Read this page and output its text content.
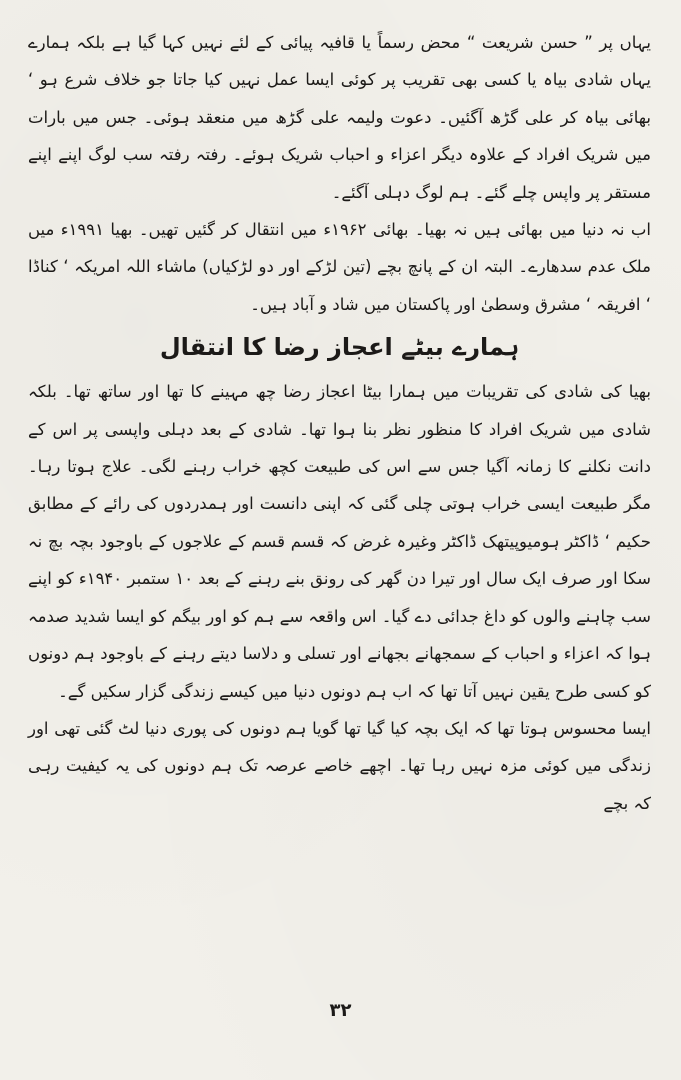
یہاں پر ” حسن شریعت “ محض رسماً یا قافیہ پیائی کے لئے نہیں کہا گیا ہے بلکہ ہمارے یہاں شادی بیاہ یا کسی بھی تقریب پر کوئی ایسا عمل نہیں کیا جاتا جو خلاف شرع ہو ‘ بھائی بیاہ کر علی گڑھ آگئیں۔ دعوت ولیمہ علی گڑھ میں منعقد ہوئی۔ جس میں بارات میں شریک افراد کے علاوہ دیگر اعزاء و احباب شریک ہوئے۔ رفتہ رفتہ سب لوگ اپنے اپنے مستقر پر واپس چلے گئے۔ ہم لوگ دہلی آگئے۔

اب نہ دنیا میں بھائی ہیں نہ بھیا۔ بھائی ۱۹۶۲ء میں انتقال کر گئیں تھیں۔ بھیا ۱۹۹۱ء میں ملک عدم سدھارے۔ البتہ ان کے پانچ بچے (تین لڑکے اور دو لڑکیاں) ماشاء اللہ امریکہ ‘ کناڈا ‘ افریقہ ‘ مشرق وسطیٰ اور پاکستان میں شاد و آباد ہیں۔

ہمارے بیٹے اعجاز رضا کا انتقال

بھیا کی شادی کی تقریبات میں ہمارا بیٹا اعجاز رضا چھ مہینے کا تھا اور ساتھ تھا۔ بلکہ شادی میں شریک افراد کا منظور نظر بنا ہوا تھا۔ شادی کے بعد دہلی واپسی پر اس کے دانت نکلنے کا زمانہ آگیا جس سے اس کی طبیعت کچھ خراب رہنے لگی۔ علاج ہوتا رہا۔ مگر طبیعت ایسی خراب ہوتی چلی گئی کہ اپنی دانست اور ہمدردوں کی رائے کے مطابق حکیم ‘ ڈاکٹر ہومیوپیتھک ڈاکٹر وغیرہ غرض کہ قسم قسم کے علاجوں کے باوجود بچہ بچ نہ سکا اور صرف ایک سال اور تیرا دن گھر کی رونق بنے رہنے کے بعد ۱۰ ستمبر ۱۹۴۰ء کو اپنے سب چاہنے والوں کو داغ جدائی دے گیا۔ اس واقعہ سے ہم کو اور بیگم کو ایسا شدید صدمہ ہوا کہ اعزاء و احباب کے سمجھانے بجھانے اور تسلی و دلاسا دیتے رہنے کے باوجود ہم دونوں کو کسی طرح یقین نہیں آتا تھا کہ اب ہم دونوں دنیا میں کیسے زندگی گزار سکیں گے۔

ایسا محسوس ہوتا تھا کہ ایک بچہ کیا گیا تھا گویا ہم دونوں کی پوری دنیا لٹ گئی تھی اور زندگی میں کوئی مزہ نہیں رہا تھا۔ اچھے خاصے عرصہ تک ہم دونوں کی یہ کیفیت رہی کہ بچے

۳۲
